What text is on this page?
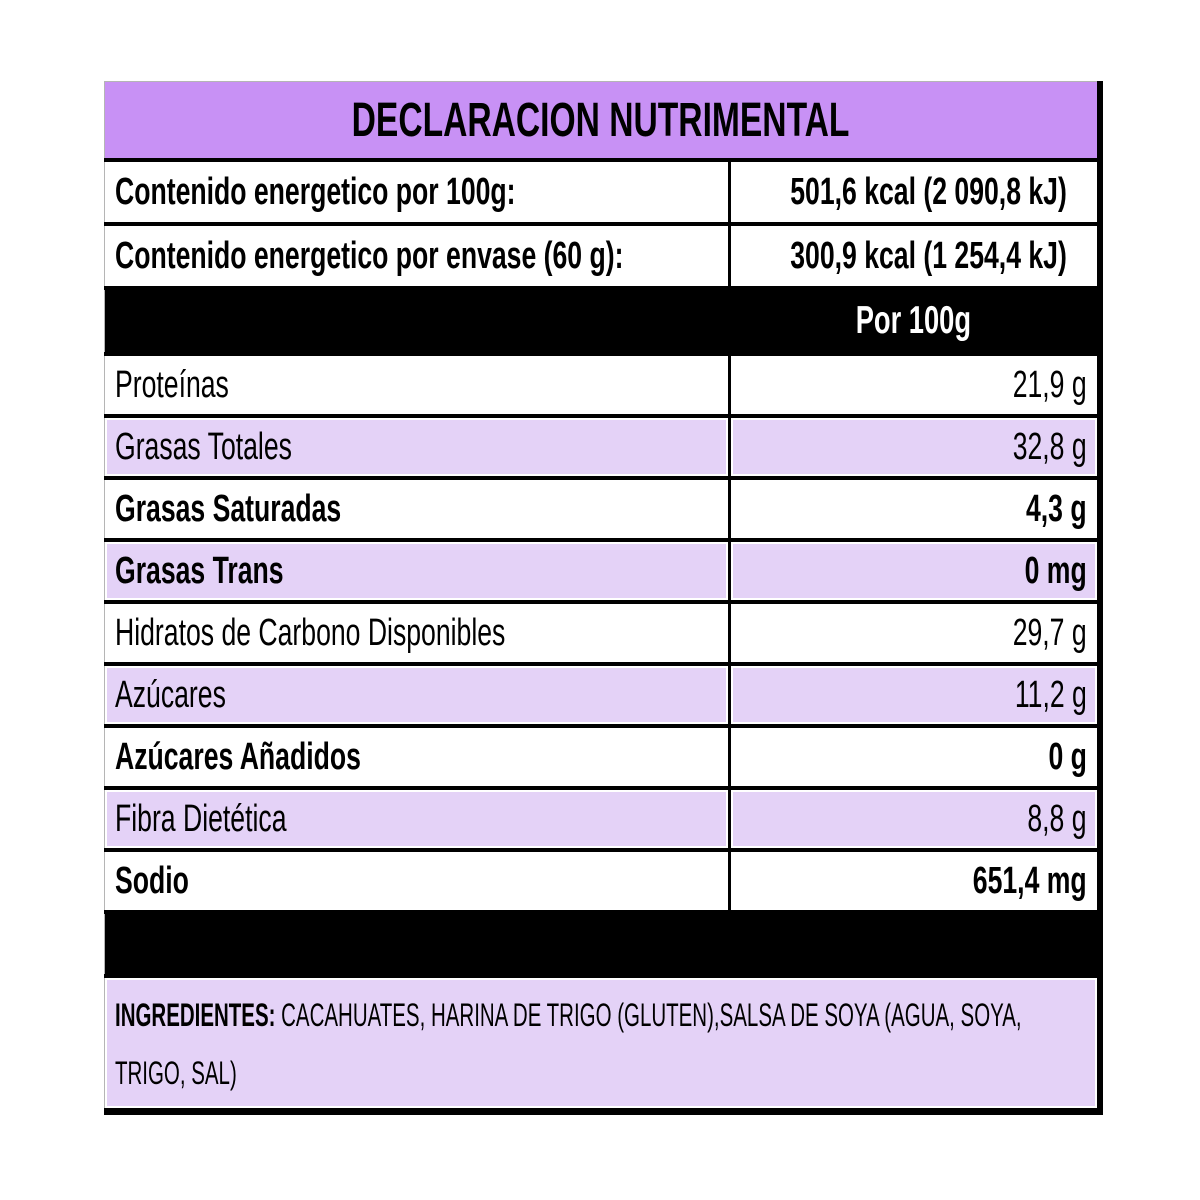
DECLARACION NUTRIMENTAL	
Contenido energetico por 100g:	501,6 kcal (2 090,8 kJ)
Contenido energetico por envase (60 g):	300,9 kcal (1 254,4 kJ)
	Por 100g
Proteínas	21,9 g
Grasas Totales	32,8 g
Grasas Saturadas	4,3 g
Grasas Trans	0 mg
Hidratos de Carbono Disponibles	29,7 g
Azúcares	11,2 g
Azúcares Añadidos	0 g
Fibra Dietética	8,8 g
Sodio	651,4 mg

INGREDIENTES: CACAHUATES, HARINA DE TRIGO (GLUTEN),SALSA DE SOYA (AGUA, SOYA, TRIGO, SAL)	
